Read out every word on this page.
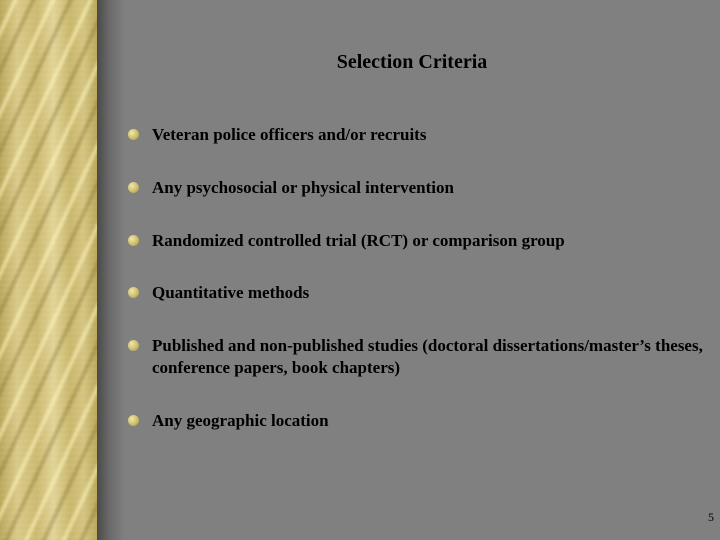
Selection Criteria
Veteran police officers and/or recruits
Any psychosocial or physical intervention
Randomized controlled trial (RCT) or comparison group
Quantitative methods
Published and non-published studies (doctoral dissertations/master’s theses, conference papers, book chapters)
Any geographic location
5
